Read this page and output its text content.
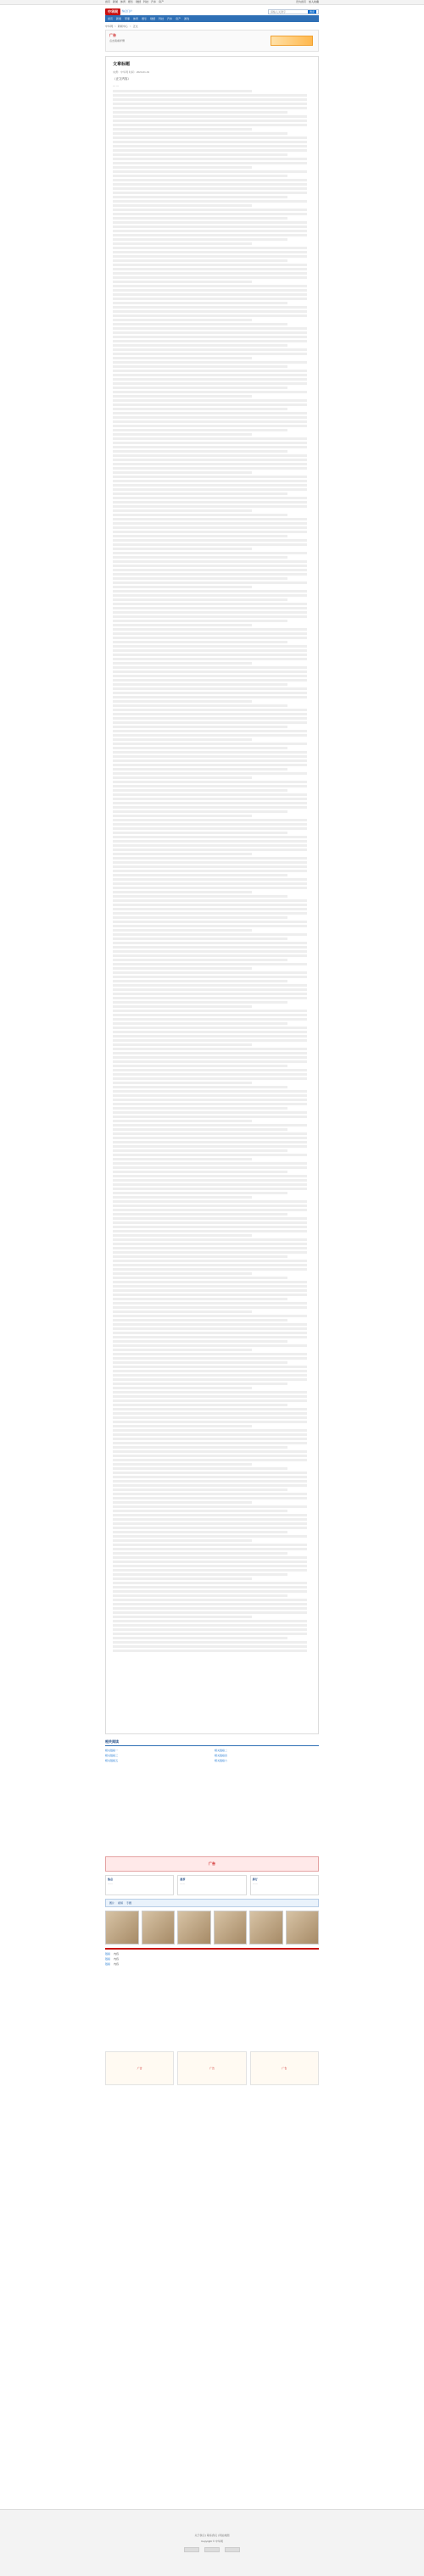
首页 新闻 体育 娱乐 财经 科技 汽车 房产	设为首页 加入收藏
中华网	综合门户	请输入关键字	搜索
首页 新闻 军事 体育 娱乐 财经 科技 汽车 房产 游戏
中华网 > 新闻中心 > 正文
广告
点击查看详情
文章标题
来源：中华网 时间：2024-01-01

（正文内容）

……

相关阅读
相关链接一	相关链接二
相关链接三	相关链接四
相关链接五	相关链接六
广告
热点
……
推荐
……
排行
……
图片 视频 专题
链接 内容
链接 内容
链接 内容
广告	广告	广告
关于我们 | 联系我们 | 网站地图
Copyright © 中华网
